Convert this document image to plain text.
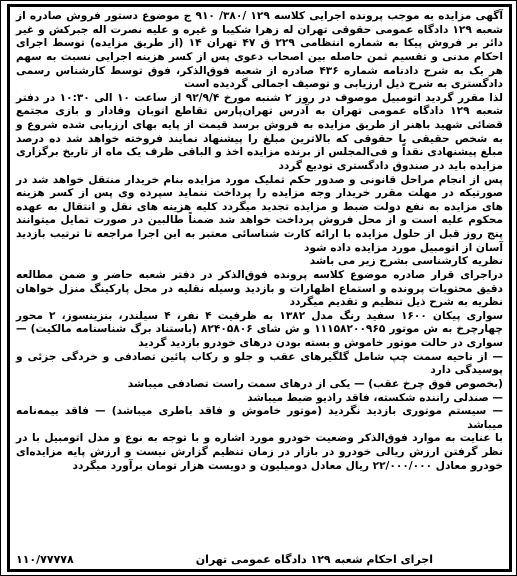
آگهی مزایده به موجب پرونده اجرایی کلاسه ۱۲۹ /۳۸۰/ ۹۱۰ ج موضوع دستور فروش صادره از شعبه ۱۲۹ دادگاه عمومی حقوقی تهران له زهرا شکیبا و غیره و علیه نصرت اله جبرکش و غیر دائر بر فروش پیکا به شماره انتظامی ۲۲۹ ق ۴۷ تهران ۱۴ (از طریق مزایده) توسط اجرای احکام مدنی و تقسیم ثمن حاصله بین اصحاب دعوی پس از کسر هزینه اجرایی نسبت به سهم هر یک به شرح دادنامه شماره ۴۳۶ صادره از شعبه فوق‌الذکر، فوق توسط کارشناس رسمی دادگستری به شرح ذیل ارزیابی و توصیف اجمالی گردیده است

لذا مقرر گردید اتومبیل موصوف در روز ۲ شنبه مورخ ۹۲/۹/۴ از ساعت ۱۰ الی ۱۰:۳۰ در دفتر شعبه ۱۲۹ دادگاه عمومی تهران به آدرس تهران‌پارس تقاطع اتوبان وفادار و بازی مجتمع قضائی شهید باهنر از طریق مزایده به فروش برسد قیمت از پایه بهای ارزیابی شده شروع و به شخص حقیقی یا حقوقی که بالاترین مبلغ را پیشنهاد نمایند فروخته خواهد شد ده درصد مبلغ پیشنهادی نقداً و فی‌المجلس از برنده مزایده اخذ و الباقی ظرف یک ماه از تاریخ برگزاری مزایده باید در صندوق دادگستری تودیع گردد

پس از انجام مراحل قانونی و صدور حکم تملیک مورد مزایده بنام خریدار منتقل خواهد شد در صورتیکه در مهلت مقرر خریدار وجه مزایده را پرداخت ننماید سپرده وی پس از کسر هزینه های مزایده به نفع دولت ضبط و مزایده تجدید میگردد کلیه هزینه های نقل و انتقال به عهده محکوم علیه است و از محل فروش پرداخت خواهد شد ضمناً طالبین در صورت تمایل میتوانند پنج روز قبل از حلول مزایده با ارائه کارت شناسائی معتبر به این اجرا مراجعه تا ترتیب بازدید آسان از اتومبیل مورد مزایده داده شود

نظریه کارشناسی بشرح زیر می باشد

دراجرای قرار صادره موضوع کلاسه پرونده فوق‌الذکر در دفتر شعبه حاضر و ضمن مطالعه دقیق محتویات پرونده و استماع اظهارات و بازدید وسیله نقلیه در محل پارکینگ منزل خواهان نظریه به شرح ذیل تنظیم و تقدیم میگردد

سواری پیکان ۱۶۰۰ سفید رنگ مدل ۱۳۸۲ به ظرفیت ۴ نفر، ۴ سیلندر، بنزینسوز، ۲ محور چهارچرخ به ش موتور ۱۱۱۵۸۲۰۰۹۶۵ و ش شای ۸۲۴۰۵۸۰۶ (باستناد برگ شناسنامه مالکیت) — سواری در حالت موتور خاموش و بسته بودن درهای خودرو بازدید گردید

— از ناحیه سمت چپ شامل گلگیرهای عقب و جلو و رکاب پائین تصادفی و خردگی جزئی و پوسیدگی دارد

(بخصوص فوق چرخ عقب) — یکی از درهای سمت راست تصادفی میباشد

— صندلی راننده شکسته، فاقد رادیو ضبط میباشد

— سیستم موتوری بازدید نگردید (موتور خاموش و فاقد باطری میباشد) — فاقد بیمه‌نامه میباشد

با عنایت به موارد فوق‌الذکر وضعیت خودرو مورد اشاره و با توجه به نوع و مدل اتومبیل با در نظر گرفتن ارزش ریالی خودرو در بازار در زمان تنظیم گزارش نیست و ارزش پایه مزایده‌ای خودرو معادل ۲۲/۰۰۰/۰۰۰ ریال معادل دومیلیون و دویست هزار تومان برآورد میگردد

اجرای احکام شعبه ۱۲۹ دادگاه عمومی تهران
۱۱۰/۷۷۷۷۸
